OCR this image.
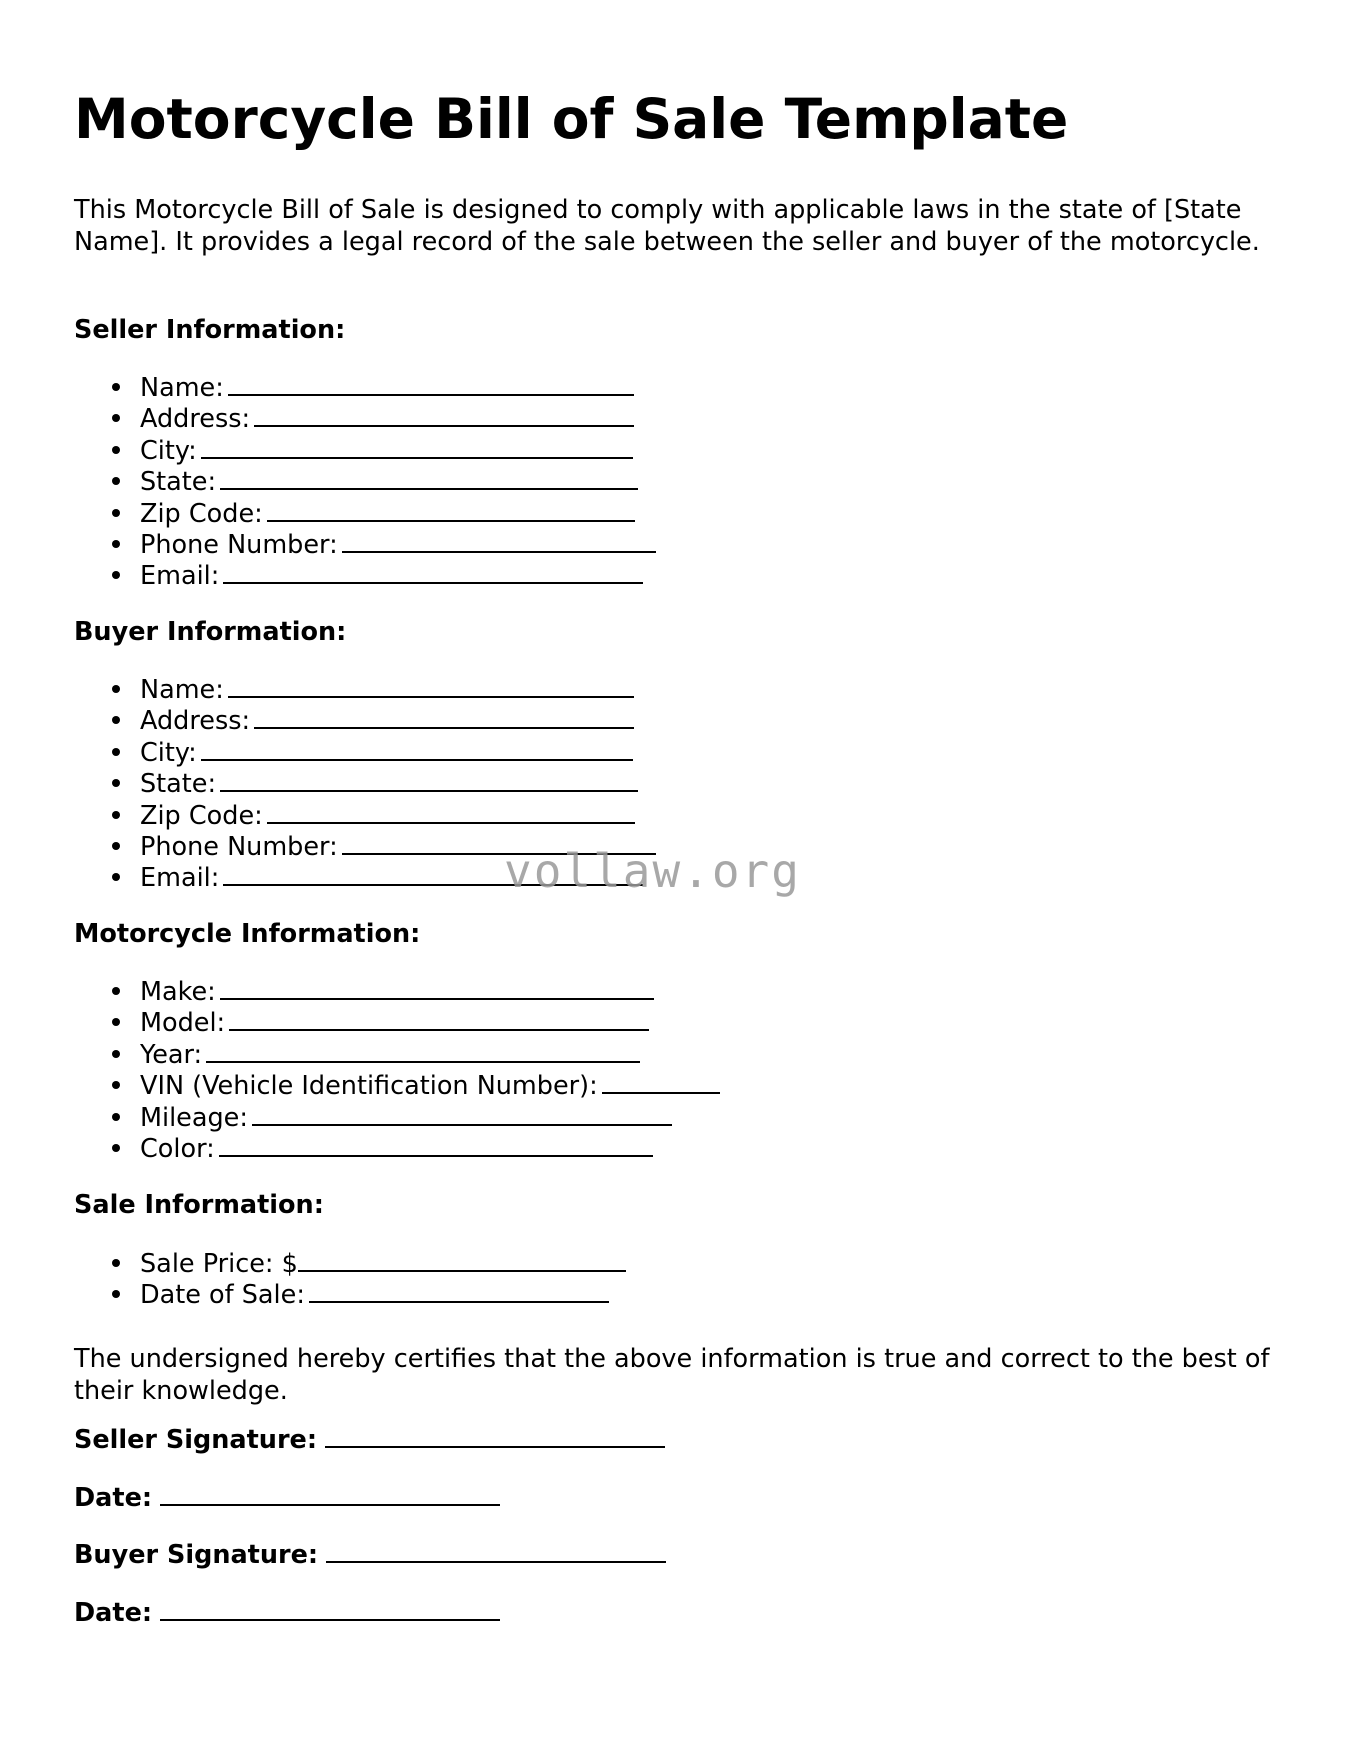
Motorcycle Bill of Sale Template

This Motorcycle Bill of Sale is designed to comply with applicable laws in the state of [State Name]. It provides a legal record of the sale between the seller and buyer of the motorcycle.

Seller Information:
Name:
Address:
City:
State:
Zip Code:
Phone Number:
Email:
Buyer Information:
Name:
Address:
City:
State:
Zip Code:
Phone Number:
Email:
Motorcycle Information:
Make:
Model:
Year:
VIN (Vehicle Identification Number):
Mileage:
Color:
Sale Information:
Sale Price: $
Date of Sale:

The undersigned hereby certifies that the above information is true and correct to the best of their knowledge.

Seller Signature:
Date:
Buyer Signature:
Date:
vollaw.org
